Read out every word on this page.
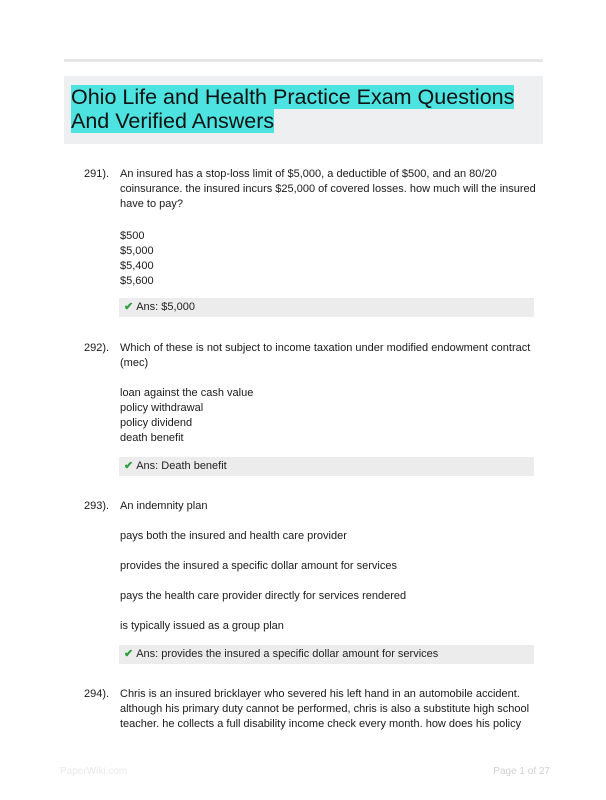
Ohio Life and Health Practice Exam Questions
And Verified Answers
291). An insured has a stop-loss limit of $5,000, a deductible of $500, and an 80/20
coinsurance. the insured incurs $25,000 of covered losses. how much will the insured
have to pay?
$500
$5,000
$5,400
$5,600
✔ Ans: $5,000
292). Which of these is not subject to income taxation under modified endowment contract
(mec)
loan against the cash value
policy withdrawal
policy dividend
death benefit
✔ Ans: Death benefit
293). An indemnity plan
pays both the insured and health care provider
provides the insured a specific dollar amount for services
pays the health care provider directly for services rendered
is typically issued as a group plan
✔ Ans: provides the insured a specific dollar amount for services
294). Chris is an insured bricklayer who severed his left hand in an automobile accident.
although his primary duty cannot be performed, chris is also a substitute high school
teacher. he collects a full disability income check every month. how does his policy
PaperWiki.com	Page 1 of 27
